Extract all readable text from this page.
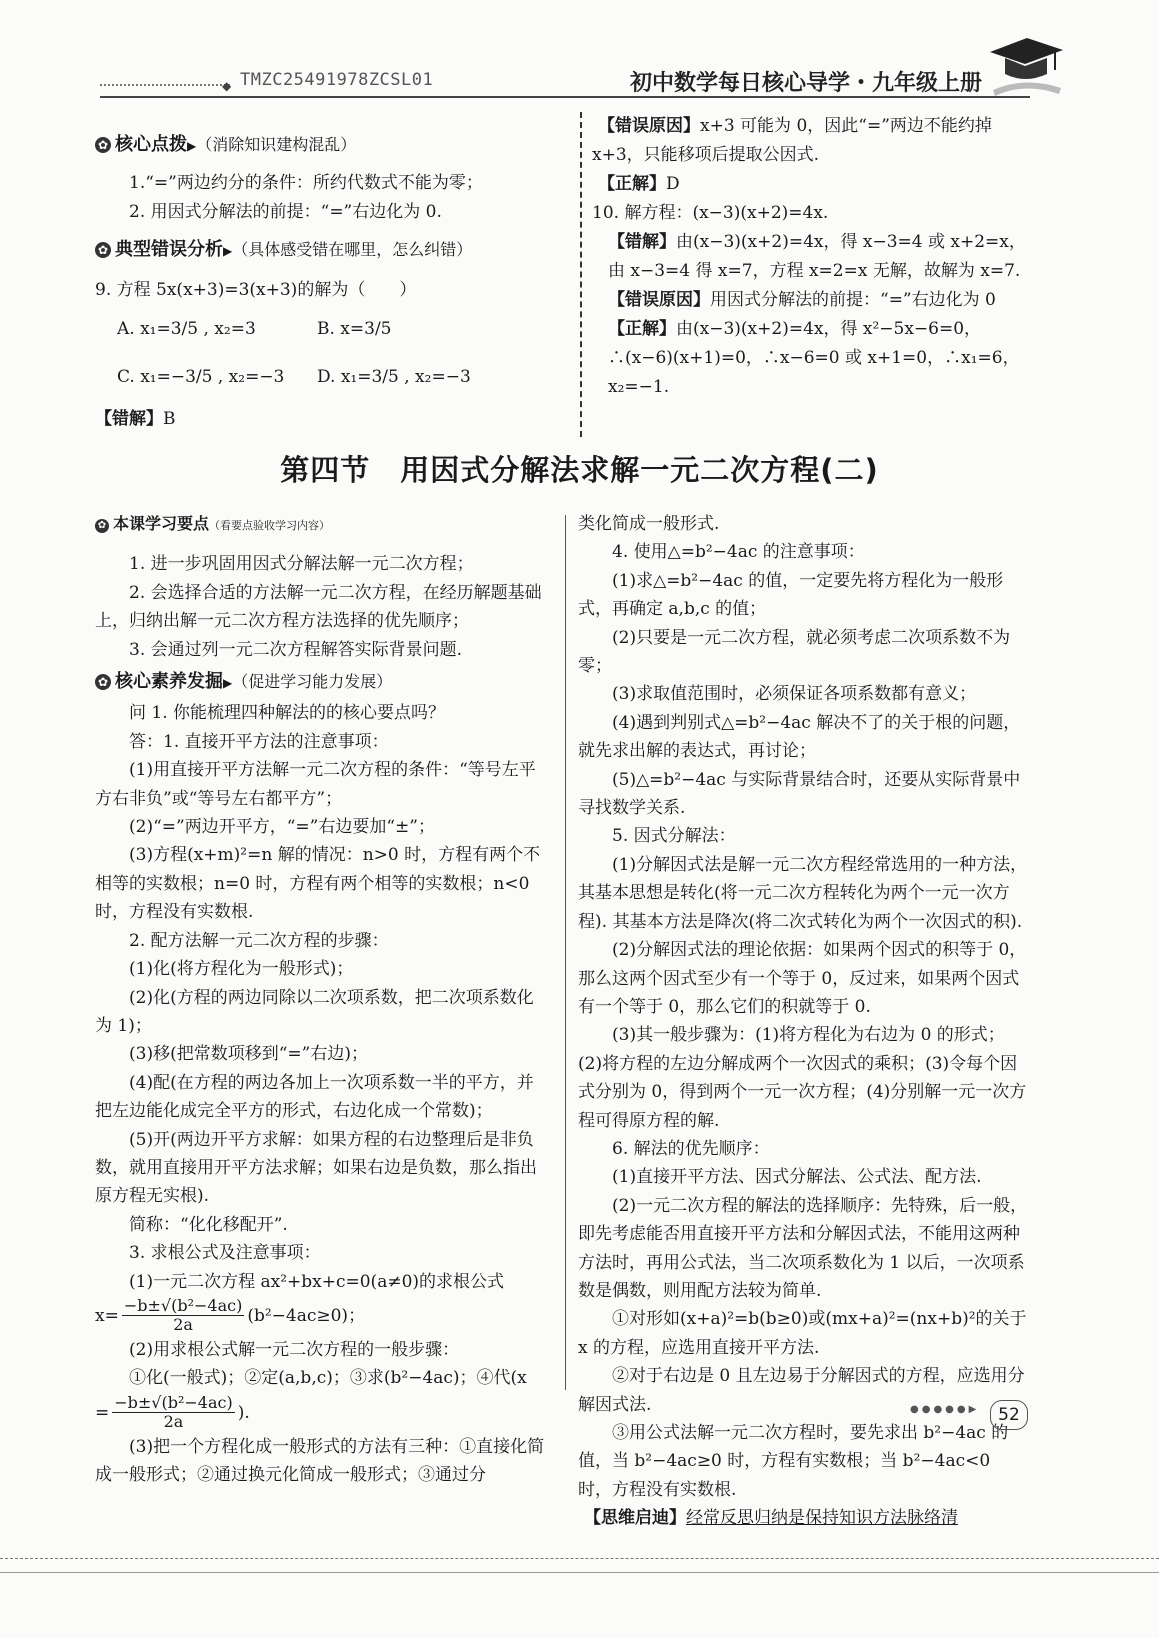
◆ TMZC25491978ZCSL01	初中数学每日核心导学・九年级上册
✿ 核心点拨▶（消除知识建构混乱）

1.“=”两边约分的条件：所约代数式不能为零；

2. 用因式分解法的前提：“=”右边化为 0.

✿ 典型错误分析▶（具体感受错在哪里，怎么纠错）

9. 方程 5x(x+3)=3(x+3)的解为（　　）

A. x₁=3/5 , x₂=3	B. x=3/5
C. x₁=−3/5 , x₂=−3 D. x₁=3/5 , x₂=−3

【错解】B

【错误原因】x+3 可能为 0，因此“=”两边不能约掉 x+3，只能移项后提取公因式.

【正解】D

10. 解方程：(x−3)(x+2)=4x.

【错解】由(x−3)(x+2)=4x，得 x−3=4 或 x+2=x，由 x−3=4 得 x=7，方程 x=2=x 无解，故解为 x=7.

【错误原因】用因式分解法的前提：“=”右边化为 0

【正解】由(x−3)(x+2)=4x，得 x²−5x−6=0，∴(x−6)(x+1)=0，∴x−6=0 或 x+1=0，∴x₁=6，x₂=−1.

第四节　用因式分解法求解一元二次方程(二)
✿ 本课学习要点（看要点验收学习内容）

1. 进一步巩固用因式分解法解一元二次方程；

2. 会选择合适的方法解一元二次方程，在经历解题基础上，归纳出解一元二次方程方法选择的优先顺序；

3. 会通过列一元二次方程解答实际背景问题.

✿ 核心素养发掘▶（促进学习能力发展）

问 1. 你能梳理四种解法的的核心要点吗？

答：1. 直接开平方法的注意事项：

(1)用直接开平方法解一元二次方程的条件：“等号左平方右非负”或“等号左右都平方”；

(2)“=”两边开平方，“=”右边要加“±”；

(3)方程(x+m)²=n 解的情况：n>0 时，方程有两个不相等的实数根；n=0 时，方程有两个相等的实数根；n<0 时，方程没有实数根.

2. 配方法解一元二次方程的步骤：

(1)化(将方程化为一般形式)；

(2)化(方程的两边同除以二次项系数，把二次项系数化为 1)；

(3)移(把常数项移到“=”右边)；

(4)配(在方程的两边各加上一次项系数一半的平方，并把左边能化成完全平方的形式，右边化成一个常数)；

(5)开(两边开平方求解：如果方程的右边整理后是非负数，就用直接用开平方法求解；如果右边是负数，那么指出原方程无实根).

简称：“化化移配开”.

3. 求根公式及注意事项：

(1)一元二次方程 ax²+bx+c=0(a≠0)的求根公式

$x= \frac{\text{−b±√(b²−4ac)}}{2a} (b^2-4ac\ge 0)$；

(2)用求根公式解一元二次方程的一般步骤：

①化(一般式)；②定(a,b,c)；③求(b²−4ac)；④代(x

= $\frac{\text{−b±√(b²−4ac)}}{2a}$ ).

(3)把一个方程化成一般形式的方法有三种：①直接化简成一般形式；②通过换元化简成一般形式；③通过分

类化简成一般形式.

4. 使用△=b²−4ac 的注意事项：

(1)求△=b²−4ac 的值，一定要先将方程化为一般形式，再确定 a,b,c 的值；

(2)只要是一元二次方程，就必须考虑二次项系数不为零；

(3)求取值范围时，必须保证各项系数都有意义；

(4)遇到判别式△=b²−4ac 解决不了的关于根的问题，就先求出解的表达式，再讨论；

(5)△=b²−4ac 与实际背景结合时，还要从实际背景中寻找数学关系.

5. 因式分解法：

(1)分解因式法是解一元二次方程经常选用的一种方法，其基本思想是转化(将一元二次方程转化为两个一元一次方程). 其基本方法是降次(将二次式转化为两个一次因式的积).

(2)分解因式法的理论依据：如果两个因式的积等于 0，那么这两个因式至少有一个等于 0，反过来，如果两个因式有一个等于 0，那么它们的积就等于 0.

(3)其一般步骤为：(1)将方程化为右边为 0 的形式；(2)将方程的左边分解成两个一次因式的乘积；(3)令每个因式分别为 0，得到两个一元一次方程；(4)分别解一元一次方程可得原方程的解.

6. 解法的优先顺序：

(1)直接开平方法、因式分解法、公式法、配方法.

(2)一元二次方程的解法的选择顺序：先特殊，后一般，即先考虑能否用直接开平方法和分解因式法，不能用这两种方法时，再用公式法，当二次项系数化为 1 以后，一次项系数是偶数，则用配方法较为简单.

①对形如(x+a)²=b(b≥0)或(mx+a)²=(nx+b)²的关于 x 的方程，应选用直接开平方法.

②对于右边是 0 且左边易于分解因式的方程，应选用分解因式法.

③用公式法解一元二次方程时，要先求出 b²−4ac 的值，当 b²−4ac≥0 时，方程有实数根；当 b²−4ac<0 时，方程没有实数根.

【思维启迪】经常反思归纳是保持知识方法脉络清

●●●●●▶	52
